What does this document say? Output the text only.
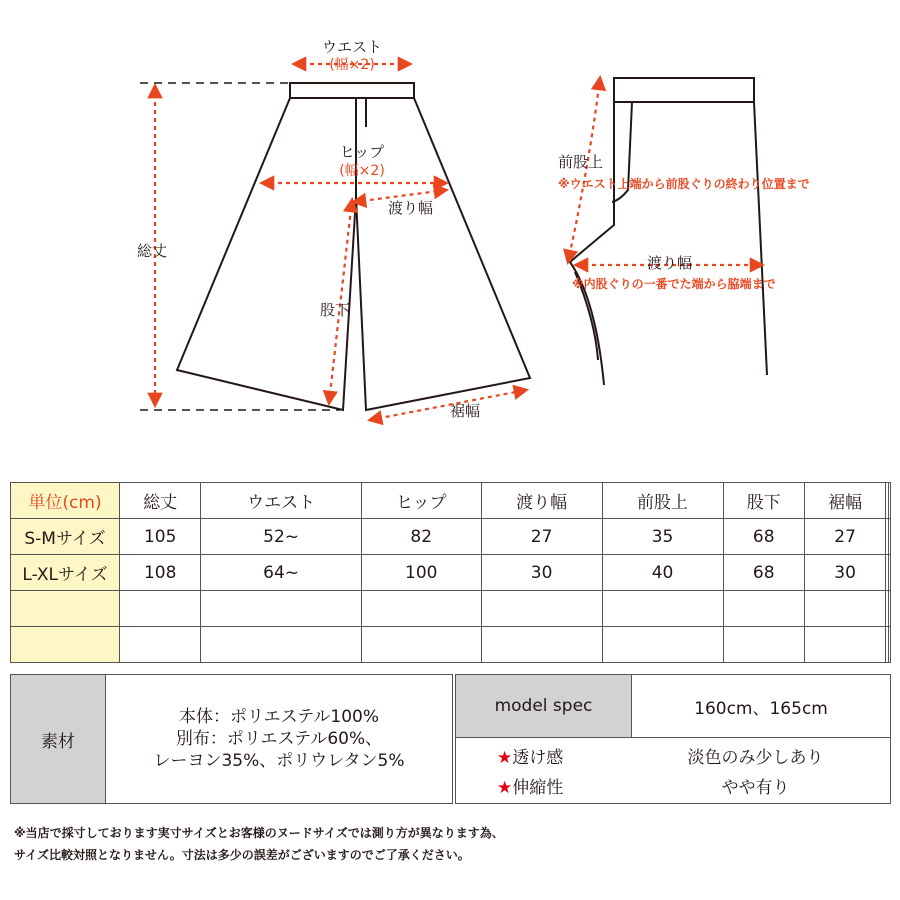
ウエスト
(幅×2)
ヒップ
(幅×2)
渡り幅
総丈
股下
裾幅
前股上
※ウエスト上端から前股ぐりの終わり位置まで
渡り幅
※内股ぐりの一番でた端から脇端まで
単位(cm)	総丈	ウエスト	ヒップ	渡り幅	前股上	股下	裾幅		
S-Mサイズ	105	52~	82	27	35	68	27		
L-XLサイズ	108	64~	100	30	40	68	30		

素材	
本体：ポリエステル100%
別布：ポリエステル60%、
レーヨン35%、ポリウレタン5%
model spec	160cm、165cm

★透け感	淡色のみ少しあり
★伸縮性	やや有り
※当店で採寸しております実寸サイズとお客様のヌードサイズでは測り方が異なります為、
サイズ比較対照となりません。寸法は多少の誤差がございますのでご了承ください。
